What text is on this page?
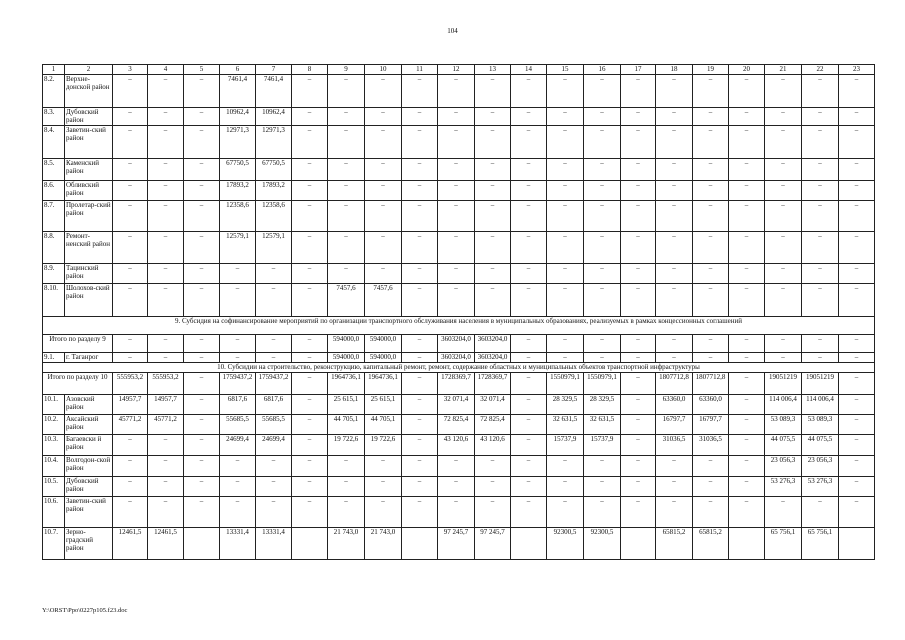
104
1	2	3	4	5	6	7	8	9	10	11	12	13	14	15	16	17	18	19	20	21	22	23
8.2.	Верхне-донской район	–	–	–	7461,4	7461,4	–	–	–	–	–	–	–	–	–	–	–	–	–	–	–	–
8.3.	Дубовский район	–	–	–	10962,4	10962,4	–	–	–	–	–	–	–	–	–	–	–	–	–	–	–	–
8.4.	Заветин-ский район	–	–	–	12971,3	12971,3	–	–	–	–	–	–	–	–	–	–	–	–	–	–	–	–
8.5.	Каменский район	–	–	–	67750,5	67750,5	–	–	–	–	–	–	–	–	–	–	–	–	–	–	–	–
8.6.	Обливский район	–	–	–	17893,2	17893,2	–	–	–	–	–	–	–	–	–	–	–	–	–	–	–	–
8.7.	Пролетар-ский район	–	–	–	12358,6	12358,6	–	–	–	–	–	–	–	–	–	–	–	–	–	–	–	–
8.8.	Ремонт-ненский район	–	–	–	12579,1	12579,1	–	–	–	–	–	–	–	–	–	–	–	–	–	–	–	–
8.9.	Тацинский район	–	–	–	–	–	–	–	–	–	–	–	–	–	–	–	–	–	–	–	–	–
8.10.	Шолохов-ский район	–	–	–	–	–	–	7457,6	7457,6	–	–	–	–	–	–	–	–	–	–	–	–	–
9. Субсидия на софинансирование мероприятий по организации транспортного обслуживания населения в муниципальных образованиях, реализуемых в рамках концессионных соглашений																						
Итого по разделу 9		–	–	–	–	–	–	594000,0	594000,0	–	3603204,0	3603204,0	–	–	–	–	–	–	–	–	–	–
9.1.	г. Таганрог	–	–	–	–	–	–	594000,0	594000,0	–	3603204,0	3603204,0	–	–	–	–	–	–	–	–	–	–
10. Субсидии на строительство, реконструкцию, капитальный ремонт, ремонт, содержание областных и муниципальных объектов транспортной инфраструктуры																						
Итого по разделу 10		555953,2	555953,2	–	1759437,2	1759437,2	–	1964736,1	1964736,1	–	1728369,7	1728369,7	–	1550979,1	1550979,1	–	1807712,8	1807712,8	–	19051219	19051219	–
10.1.	Азовский район	14957,7	14957,7	–	6817,6	6817,6	–	25 615,1	25 615,1	–	32 071,4	32 071,4	–	28 329,5	28 329,5	–	63360,0	63360,0	–	114 006,4	114 006,4	–
10.2.	Аксайский район	45771,2	45771,2	–	55685,5	55685,5	–	44 705,1	44 705,1	–	72 825,4	72 825,4	–	32 631,5	32 631,5	–	16797,7	16797,7	–	53 089,3	53 089,3	–
10.3.	Багаевски й район	–	–	–	24699,4	24699,4	–	19 722,6	19 722,6	–	43 120,6	43 120,6	–	15737,9	15737,9	–	31036,5	31036,5	–	44 075,5	44 075,5	–
10.4.	Волгодон-ской район	–	–	–	–	–	–	–	–	–	–	–	–	–	–	–	–	–	–	23 056,3	23 056,3	–
10.5.	Дубовский район	–	–	–	–	–	–	–	–	–	–	–	–	–	–	–	–	–	–	53 276,3	53 276,3	–
10.6.	Заветин-ский район	–	–	–	–	–	–	–	–	–	–	–	–	–	–	–	–	–	–	–	–	–
10.7.	Зерно-градский район	12461,5	12461,5		13331,4	13331,4		21 743,0	21 743,0		97 245,7	97 245,7		92300,5	92300,5		65815,2	65815,2		65 756,1	65 756,1	
Y:\ORST\Ppo\0227p105.f23.doc
